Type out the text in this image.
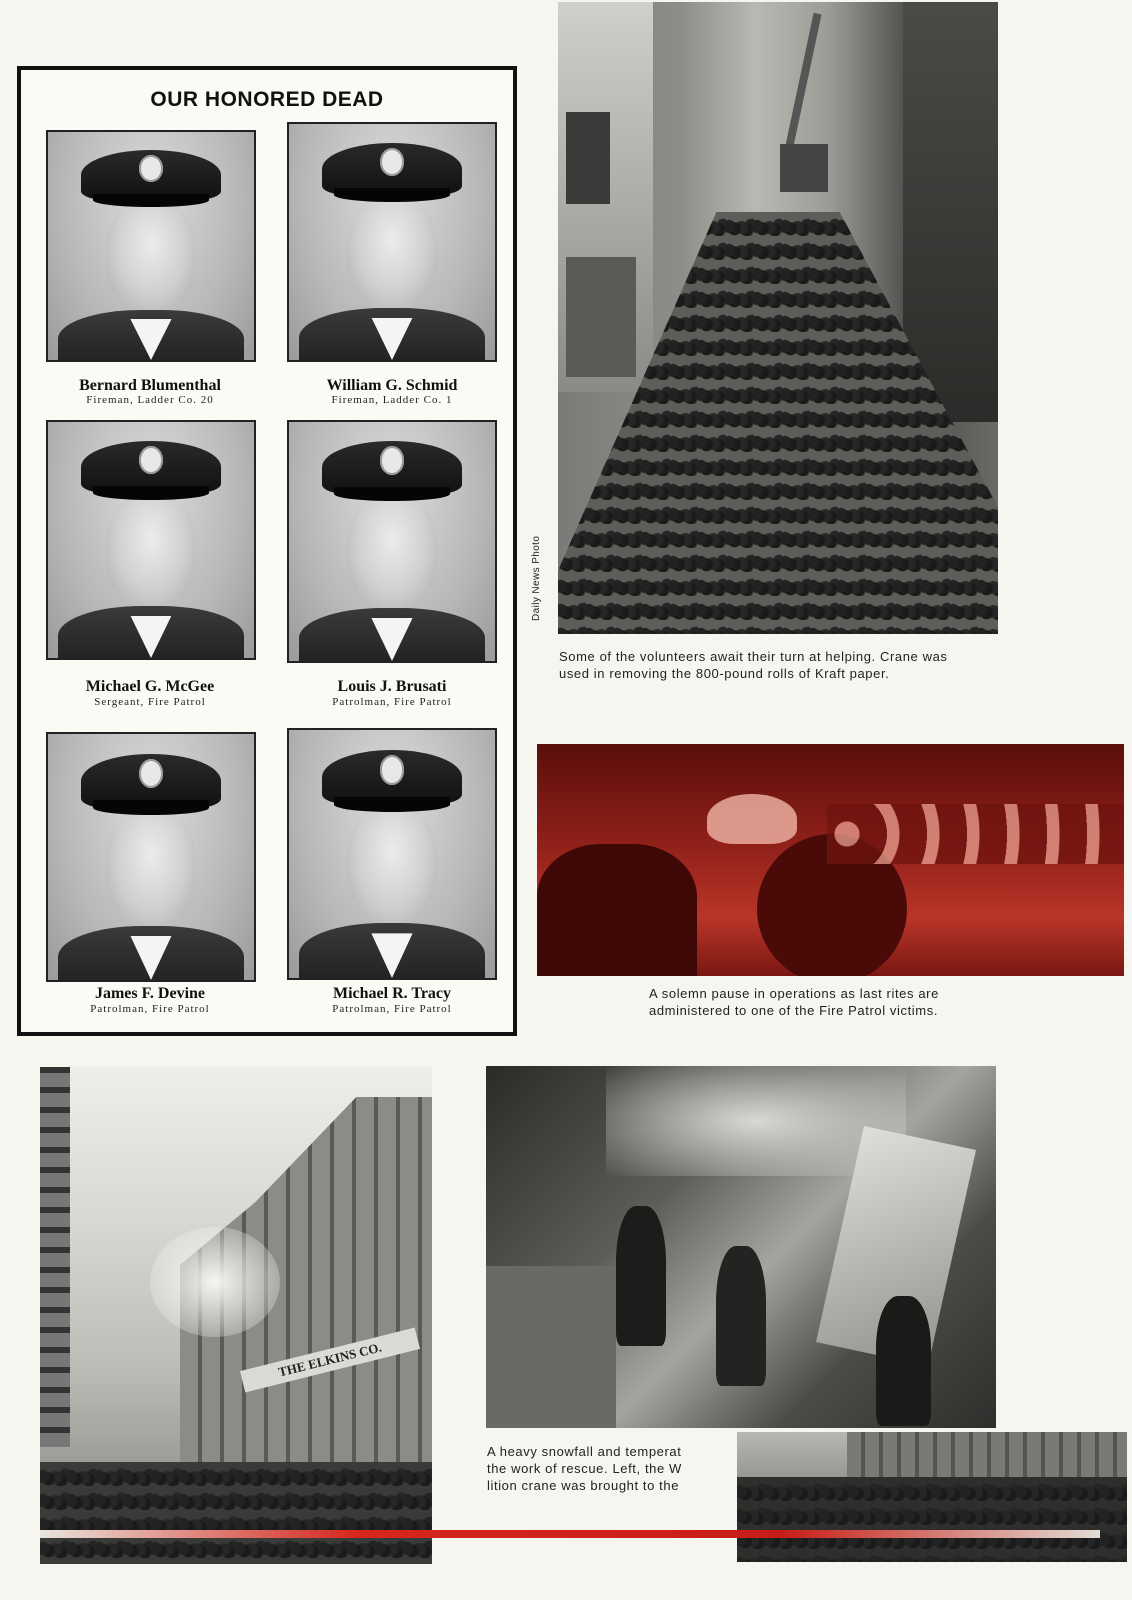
OUR HONORED DEAD
Bernard Blumenthal
Fireman, Ladder Co. 20
William G. Schmid
Fireman, Ladder Co. 1
Michael G. McGee
Sergeant, Fire Patrol
Louis J. Brusati
Patrolman, Fire Patrol
James F. Devine
Patrolman, Fire Patrol
Michael R. Tracy
Patrolman, Fire Patrol
Daily News Photo
Some of the volunteers await their turn at helping. Crane was
used in removing the 800-pound rolls of Kraft paper.
A solemn pause in operations as last rites are
administered to one of the Fire Patrol victims.
THE ELKINS CO.
A heavy snowfall and temperat
the work of rescue. Left, the W
lition crane was brought to the
